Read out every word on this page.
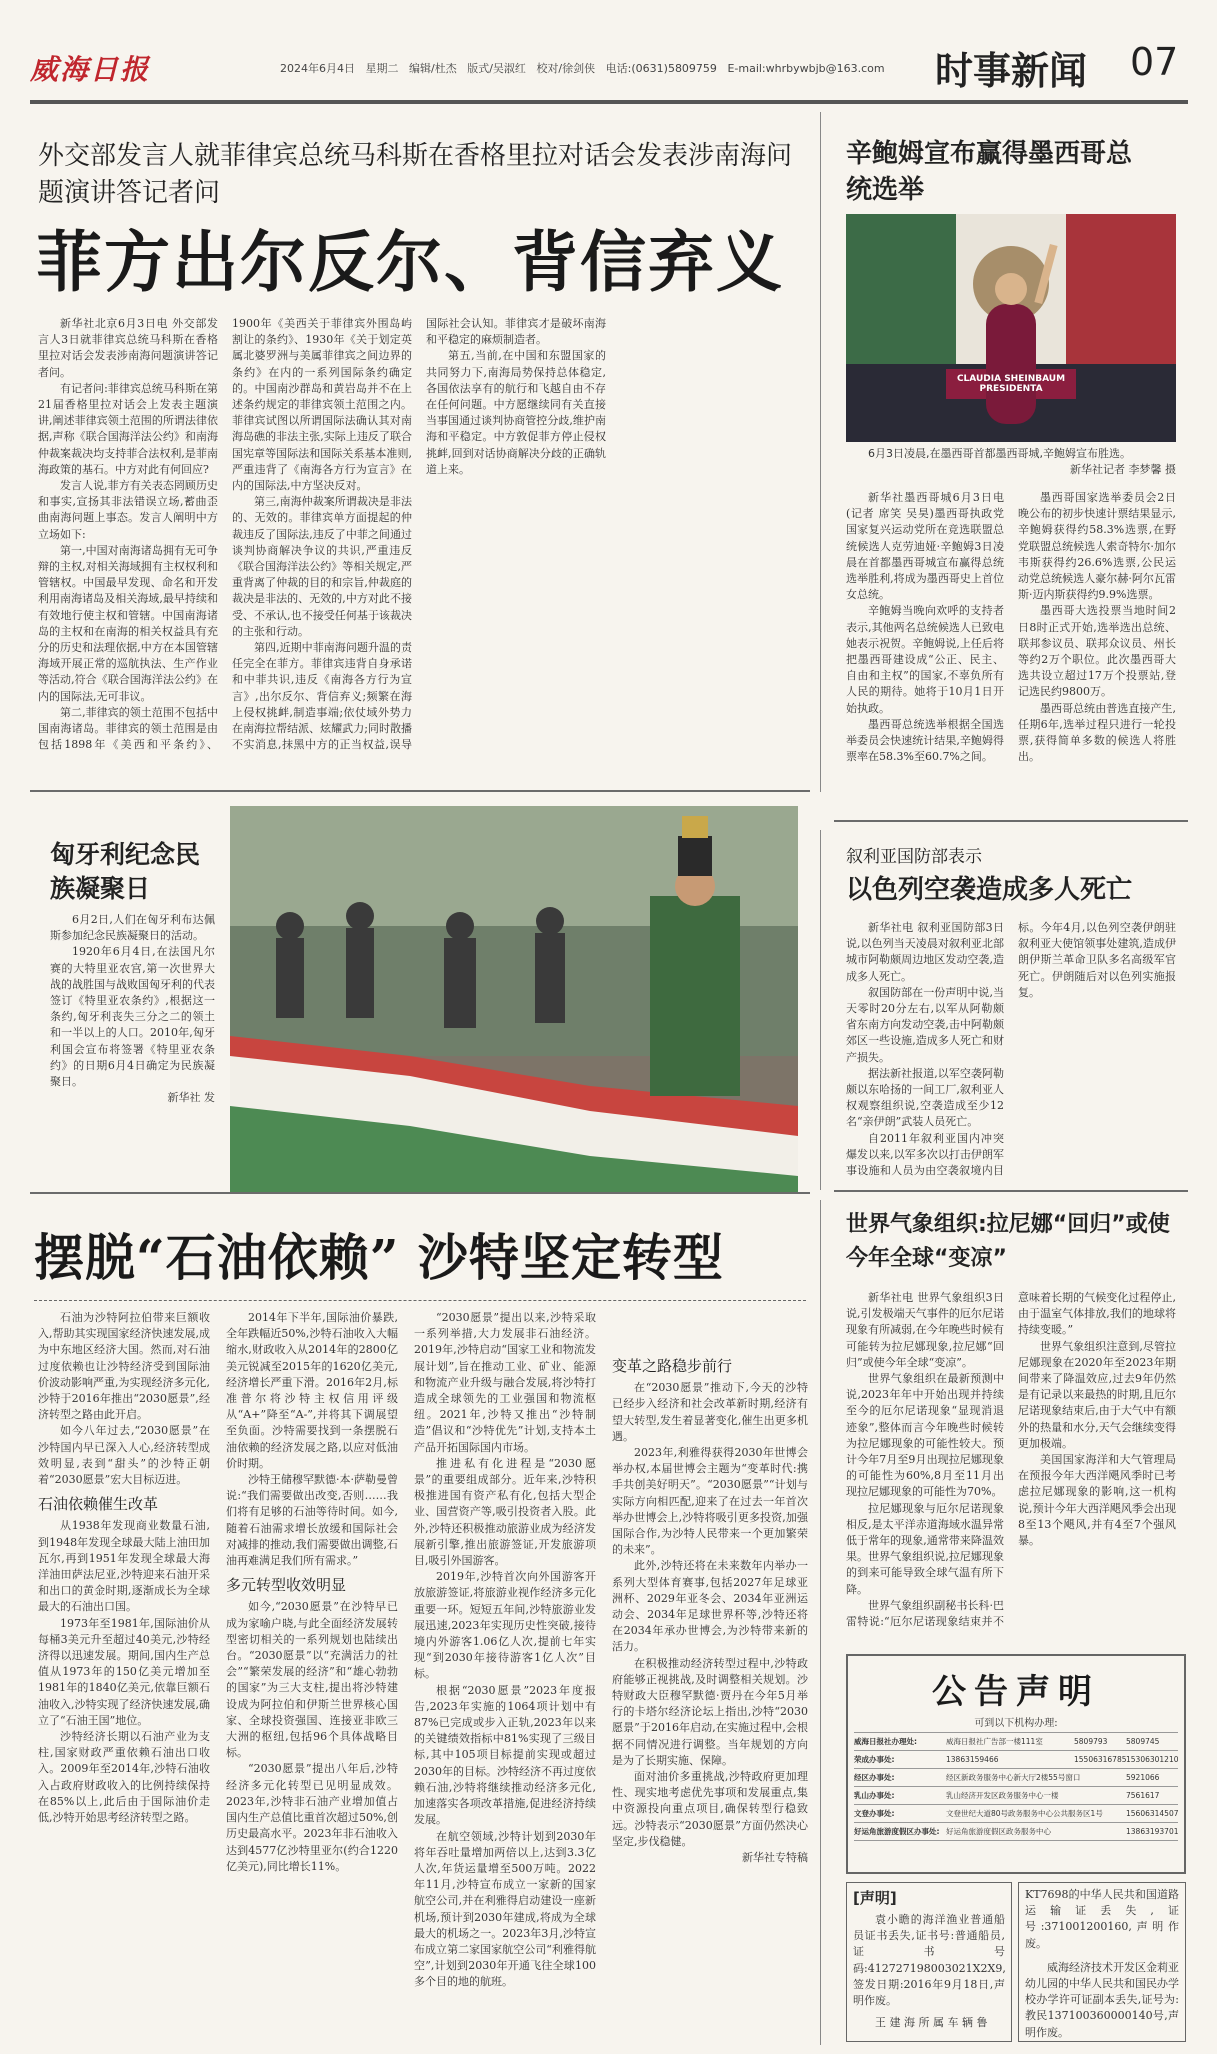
威海日报	2024年6月4日 星期二 编辑/杜杰 版式/吴淑红 校对/徐剑侠 电话:(0631)5809759 E-mail:whrbywbjb@163.com 时事新闻 07
外交部发言人就菲律宾总统马科斯在香格里拉对话会发表涉南海问题演讲答记者问
菲方出尔反尔、背信弃义

新华社北京6月3日电 外交部发言人3日就菲律宾总统马科斯在香格里拉对话会发表涉南海问题演讲答记者问。

有记者问:菲律宾总统马科斯在第21届香格里拉对话会上发表主题演讲,阐述菲律宾领土范围的所谓法律依据,声称《联合国海洋法公约》和南海仲裁案裁决均支持菲合法权利,是菲南海政策的基石。中方对此有何回应?

发言人说,菲方有关表态罔顾历史和事实,宣扬其非法错误立场,蓄曲歪曲南海问题上事态。发言人阐明中方立场如下:

第一,中国对南海诸岛拥有无可争辩的主权,对相关海域拥有主权权利和管辖权。中国最早发现、命名和开发利用南海诸岛及相关海域,最早持续和有效地行使主权和管辖。中国南海诸岛的主权和在南海的相关权益具有充分的历史和法理依据,中方在本国管辖海域开展正常的巡航执法、生产作业等活动,符合《联合国海洋法公约》在内的国际法,无可非议。

第二,菲律宾的领土范围不包括中国南海诸岛。菲律宾的领土范围是由包括1898年《美西和平条约》、1900年《美西关于菲律宾外围岛屿割让的条约》、1930年《关于划定英属北婆罗洲与美属菲律宾之间边界的条约》在内的一系列国际条约确定的。中国南沙群岛和黄岩岛并不在上述条约规定的菲律宾领土范围之内。菲律宾试图以所谓国际法确认其对南海岛礁的非法主张,实际上违反了联合国宪章等国际法和国际关系基本准则,严重违背了《南海各方行为宣言》在内的国际法,中方坚决反对。

第三,南海仲裁案所谓裁决是非法的、无效的。菲律宾单方面提起的仲裁违反了国际法,违反了中菲之间通过谈判协商解决争议的共识,严重违反《联合国海洋法公约》等相关规定,严重背离了仲裁的目的和宗旨,仲裁庭的裁决是非法的、无效的,中方对此不接受、不承认,也不接受任何基于该裁决的主张和行动。

第四,近期中菲南海问题升温的责任完全在菲方。菲律宾违背自身承诺和中菲共识,违反《南海各方行为宣言》,出尔反尔、背信弃义;频繁在海上侵权挑衅,制造事端;依仗域外势力在南海拉帮结派、炫耀武力;同时散播不实消息,抹黑中方的正当权益,误导国际社会认知。菲律宾才是破坏南海和平稳定的麻烦制造者。

第五,当前,在中国和东盟国家的共同努力下,南海局势保持总体稳定,各国依法享有的航行和飞越自由不存在任何问题。中方愿继续同有关直接当事国通过谈判协商管控分歧,维护南海和平稳定。中方敦促菲方停止侵权挑衅,回到对话协商解决分歧的正确轨道上来。

辛鲍姆宣布赢得墨西哥总统选举
CLAUDIA SHEINBAUM PRESIDENTA
6月3日凌晨,在墨西哥首都墨西哥城,辛鲍姆宣布胜选。
新华社记者 李梦馨 摄

新华社墨西哥城6月3日电(记者 席笑 吴昊)墨西哥执政党国家复兴运动党所在竞选联盟总统候选人克劳迪娅·辛鲍姆3日凌晨在首都墨西哥城宣布赢得总统选举胜利,将成为墨西哥史上首位女总统。

辛鲍姆当晚向欢呼的支持者表示,其他两名总统候选人已致电她表示祝贺。辛鲍姆说,上任后将把墨西哥建设成“公正、民主、自由和主权”的国家,不辜负所有人民的期待。她将于10月1日开始执政。

墨西哥总统选举根据全国选举委员会快速统计结果,辛鲍姆得票率在58.3%至60.7%之间。

墨西哥国家选举委员会2日晚公布的初步快速计票结果显示,辛鲍姆获得约58.3%选票,在野党联盟总统候选人索奇特尔·加尔韦斯获得约26.6%选票,公民运动党总统候选人豪尔赫·阿尔瓦雷斯·迈内斯获得约9.9%选票。

墨西哥大选投票当地时间2日8时正式开始,选举选出总统、联邦参议员、联邦众议员、州长等约2万个职位。此次墨西哥大选共设立超过17万个投票站,登记选民约9800万。

墨西哥总统由普选直接产生,任期6年,选举过程只进行一轮投票,获得简单多数的候选人将胜出。

匈牙利纪念民族凝聚日

6月2日,人们在匈牙利布达佩斯参加纪念民族凝聚日的活动。

1920年6月4日,在法国凡尔赛的大特里亚农宫,第一次世界大战的战胜国与战败国匈牙利的代表签订《特里亚农条约》,根据这一条约,匈牙利丧失三分之二的领土和一半以上的人口。2010年,匈牙利国会宣布将签署《特里亚农条约》的日期6月4日确定为民族凝聚日。

新华社 发
叙利亚国防部表示
以色列空袭造成多人死亡

新华社电 叙利亚国防部3日说,以色列当天凌晨对叙利亚北部城市阿勒颇周边地区发动空袭,造成多人死亡。

叙国防部在一份声明中说,当天零时20分左右,以军从阿勒颇省东南方向发动空袭,击中阿勒颇郊区一些设施,造成多人死亡和财产损失。

据法新社报道,以军空袭阿勒颇以东哈扬的一间工厂,叙利亚人权观察组织说,空袭造成至少12名“亲伊朗”武装人员死亡。

自2011年叙利亚国内冲突爆发以来,以军多次以打击伊朗军事设施和人员为由空袭叙境内目标。今年4月,以色列空袭伊朗驻叙利亚大使馆领事处建筑,造成伊朗伊斯兰革命卫队多名高级军官死亡。伊朗随后对以色列实施报复。

世界气象组织:拉尼娜“回归”或使今年全球“变凉”

新华社电 世界气象组织3日说,引发极端天气事件的厄尔尼诺现象有所减弱,在今年晚些时候有可能转为拉尼娜现象,拉尼娜“回归”或使今年全球“变凉”。

世界气象组织在最新预测中说,2023年年中开始出现并持续至今的厄尔尼诺现象“显现消退迹象”,整体而言今年晚些时候转为拉尼娜现象的可能性较大。预计今年7月至9月出现拉尼娜现象的可能性为60%,8月至11月出现拉尼娜现象的可能性为70%。

拉尼娜现象与厄尔尼诺现象相反,是太平洋赤道海域水温异常低于常年的现象,通常带来降温效果。世界气象组织说,拉尼娜现象的到来可能导致全球气温有所下降。

世界气象组织副秘书长科·巴雷特说:“厄尔尼诺现象结束并不意味着长期的气候变化过程停止,由于温室气体排放,我们的地球将持续变暖。”

世界气象组织注意到,尽管拉尼娜现象在2020年至2023年期间带来了降温效应,过去9年仍然是有记录以来最热的时期,且厄尔尼诺现象结束后,由于大气中有额外的热量和水分,天气会继续变得更加极端。

美国国家海洋和大气管理局在预报今年大西洋飓风季时已考虑拉尼娜现象的影响,这一机构说,预计今年大西洋飓风季会出现8至13个飓风,并有4至7个强风暴。

摆脱“石油依赖” 沙特坚定转型

石油为沙特阿拉伯带来巨额收入,帮助其实现国家经济快速发展,成为中东地区经济大国。然而,对石油过度依赖也让沙特经济受到国际油价波动影响严重,为实现经济多元化,沙特于2016年推出“2030愿景”,经济转型之路由此开启。

如今八年过去,“2030愿景”在沙特国内早已深入人心,经济转型成效明显,表到“甜头”的沙特正朝着“2030愿景”宏大目标迈进。

石油依赖催生改革

从1938年发现商业数量石油,到1948年发现全球最大陆上油田加瓦尔,再到1951年发现全球最大海洋油田萨法尼亚,沙特迎来石油开采和出口的黄金时期,逐渐成长为全球最大的石油出口国。

1973年至1981年,国际油价从每桶3美元升至超过40美元,沙特经济得以迅速发展。期间,国内生产总值从1973年的150亿美元增加至1981年的1840亿美元,依靠巨额石油收入,沙特实现了经济快速发展,确立了“石油王国”地位。

沙特经济长期以石油产业为支柱,国家财政严重依赖石油出口收入。2009年至2014年,沙特石油收入占政府财政收入的比例持续保持在85%以上,此后由于国际油价走低,沙特开始思考经济转型之路。

2014年下半年,国际油价暴跌,全年跌幅近50%,沙特石油收入大幅缩水,财政收入从2014年的2800亿美元锐减至2015年的1620亿美元,经济增长严重下滑。2016年2月,标准普尔将沙特主权信用评级从“A+”降至“A-”,并将其下调展望至负面。沙特需要找到一条摆脱石油依赖的经济发展之路,以应对低油价时期。

沙特王储穆罕默德·本·萨勒曼曾说:“我们需要做出改变,否则……我们将有足够的石油等待时间。如今,随着石油需求增长放缓和国际社会对减排的推动,我们需要做出调整,石油再难满足我们所有需求。”

多元转型收效明显

如今,“2030愿景”在沙特早已成为家喻户晓,与此全面经济发展转型密切相关的一系列规划也陆续出台。“2030愿景”以“充满活力的社会”“繁荣发展的经济”和“雄心勃勃的国家”为三大支柱,提出将沙特建设成为阿拉伯和伊斯兰世界核心国家、全球投资强国、连接亚非欧三大洲的枢纽,包括96个具体战略目标。

“2030愿景”提出八年后,沙特经济多元化转型已见明显成效。2023年,沙特非石油产业增加值占国内生产总值比重首次超过50%,创历史最高水平。2023年非石油收入达到4577亿沙特里亚尔(约合1220亿美元),同比增长11%。

“2030愿景”提出以来,沙特采取一系列举措,大力发展非石油经济。2019年,沙特启动“国家工业和物流发展计划”,旨在推动工业、矿业、能源和物流产业升级与融合发展,将沙特打造成全球领先的工业强国和物流枢纽。2021年,沙特又推出“沙特制造”倡议和“沙特优先”计划,支持本土产品开拓国际国内市场。

推进私有化进程是“2030愿景”的重要组成部分。近年来,沙特积极推进国有资产私有化,包括大型企业、国营资产等,吸引投资者入股。此外,沙特还积极推动旅游业成为经济发展新引擎,推出旅游签证,开发旅游项目,吸引外国游客。

2019年,沙特首次向外国游客开放旅游签证,将旅游业视作经济多元化重要一环。短短五年间,沙特旅游业发展迅速,2023年实现历史性突破,接待境内外游客1.06亿人次,提前七年实现“到2030年接待游客1亿人次”目标。

根据“2030愿景”2023年度报告,2023年实施的1064项计划中有87%已完成或步入正轨,2023年以来的关键绩效指标中81%实现了三级目标,其中105项目标提前实现或超过2030年的目标。沙特经济不再过度依赖石油,沙特将继续推动经济多元化,加速落实各项改革措施,促进经济持续发展。

在航空领域,沙特计划到2030年将年吞吐量增加两倍以上,达到3.3亿人次,年货运量增至500万吨。2022年11月,沙特宣布成立一家新的国家航空公司,并在利雅得启动建设一座新机场,预计到2030年建成,将成为全球最大的机场之一。2023年3月,沙特宣布成立第二家国家航空公司“利雅得航空”,计划到2030年开通飞往全球100多个目的地的航班。

变革之路稳步前行

在“2030愿景”推动下,今天的沙特已经步入经济和社会改革新时期,经济有望大转型,发生着显著变化,催生出更多机遇。

2023年,利雅得获得2030年世博会举办权,本届世博会主题为“变革时代:携手共创美好明天”。“2030愿景”“计划与实际方向相匹配,迎来了在过去一年首次举办世博会上,沙特将吸引更多投资,加强国际合作,为沙特人民带来一个更加繁荣的未来”。

此外,沙特还将在未来数年内举办一系列大型体育赛事,包括2027年足球亚洲杯、2029年亚冬会、2034年亚洲运动会、2034年足球世界杯等,沙特还将在2034年承办世博会,为沙特带来新的活力。

在积极推动经济转型过程中,沙特政府能够正视挑战,及时调整相关规划。沙特财政大臣穆罕默德·贾丹在今年5月举行的卡塔尔经济论坛上指出,沙特“2030愿景”于2016年启动,在实施过程中,会根据不同情况进行调整。当年规划的方向是为了长期实施、保障。

面对油价多重挑战,沙特政府更加理性、现实地考虑优先事项和发展重点,集中资源投向重点项目,确保转型行稳致远。沙特表示“2030愿景”方面仍然决心坚定,步伐稳健。

新华社专特稿
公告声明
可到以下机构办理:
威海日报社办理处:	威海日报社广告部一楼111室	5809793	5809745
荣成办事处:	13863159466	15506316785 15306301210
经区办事处:	经区新政务服务中心新大厅2楼55号窗口	5921066
乳山办事处:	乳山经济开发区政务服务中心一楼	7561617
文登办事处:	文登世纪大道80号政务服务中心公共服务区1号	15606314507
好运角旅游度假区办事处: 好运角旅游度假区政务服务中心	13863193701
[声明]
袁小瞻的海洋渔业普通船员证书丢失,证书号:普通船员,证书号码:412727198003021X2X9,签发日期:2016年9月18日,声明作废。
王 建 海 所 属 车 辆 鲁
KT7698的中华人民共和国道路运输证丢失,证号:371001200160,声明作废。
威海经济技术开发区金莉亚幼儿园的中华人民共和国民办学校办学许可证副本丢失,证号为:教民137100360000140号,声明作废。
